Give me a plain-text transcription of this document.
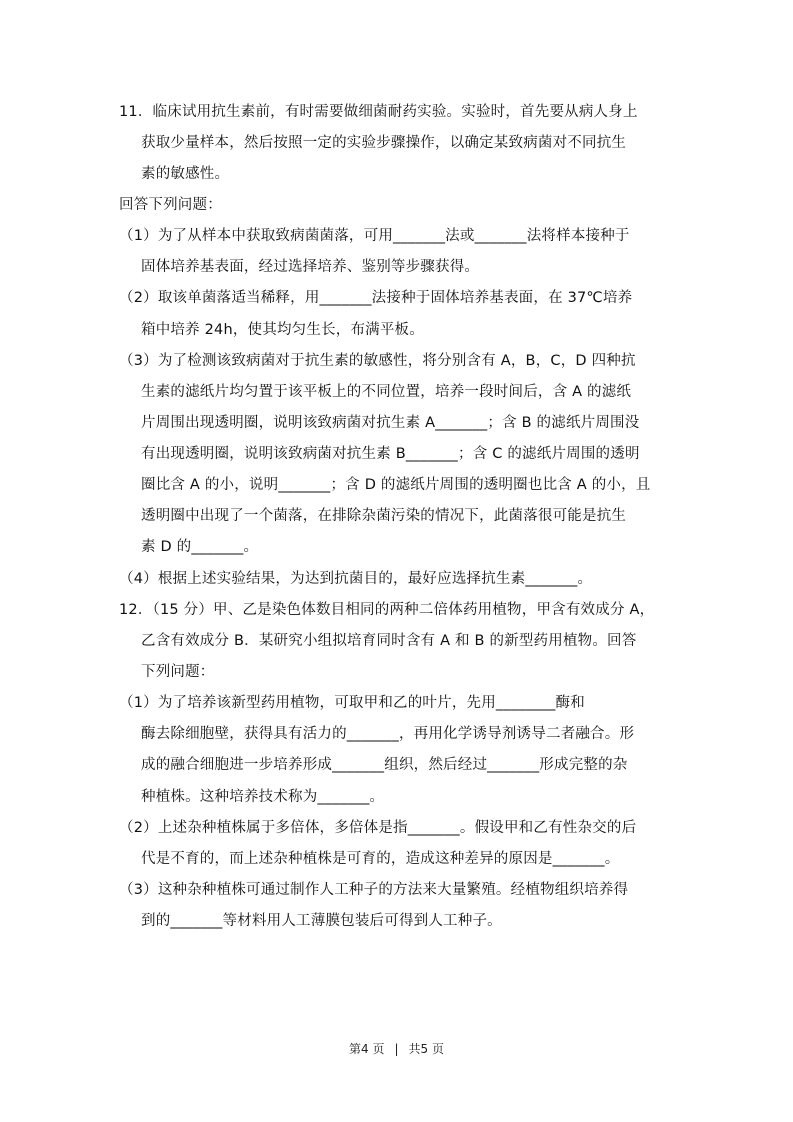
11．临床试用抗生素前，有时需要做细菌耐药实验。实验时，首先要从病人身上
获取少量样本，然后按照一定的实验步骤操作，以确定某致病菌对不同抗生
素的敏感性。
回答下列问题：
（1）为了从样本中获取致病菌菌落，可用_______法或_______法将样本接种于
固体培养基表面，经过选择培养、鉴别等步骤获得。
（2）取该单菌落适当稀释，用_______法接种于固体培养基表面，在 37℃培养
箱中培养 24h，使其均匀生长，布满平板。
（3）为了检测该致病菌对于抗生素的敏感性，将分别含有 A，B，C，D 四种抗
生素的滤纸片均匀置于该平板上的不同位置，培养一段时间后，含 A 的滤纸
片周围出现透明圈，说明该致病菌对抗生素 A_______；含 B 的滤纸片周围没
有出现透明圈，说明该致病菌对抗生素 B_______；含 C 的滤纸片周围的透明
圈比含 A 的小，说明_______；含 D 的滤纸片周围的透明圈也比含 A 的小，且
透明圈中出现了一个菌落，在排除杂菌污染的情况下，此菌落很可能是抗生
素 D 的_______。
（4）根据上述实验结果，为达到抗菌目的，最好应选择抗生素_______。
12．（15 分）甲、乙是染色体数目相同的两种二倍体药用植物，甲含有效成分 A，
乙含有效成分 B．某研究小组拟培育同时含有 A 和 B 的新型药用植物。回答
下列问题：
（1）为了培养该新型药用植物，可取甲和乙的叶片，先用________酶和
酶去除细胞壁，获得具有活力的_______，再用化学诱导剂诱导二者融合。形
成的融合细胞进一步培养形成_______组织，然后经过_______形成完整的杂
种植株。这种培养技术称为_______。
（2）上述杂种植株属于多倍体，多倍体是指_______。假设甲和乙有性杂交的后
代是不育的，而上述杂种植株是可育的，造成这种差异的原因是_______。
（3）这种杂种植株可通过制作人工种子的方法来大量繁殖。经植物组织培养得
到的_______等材料用人工薄膜包装后可得到人工种子。
第4 页 | 共5 页
